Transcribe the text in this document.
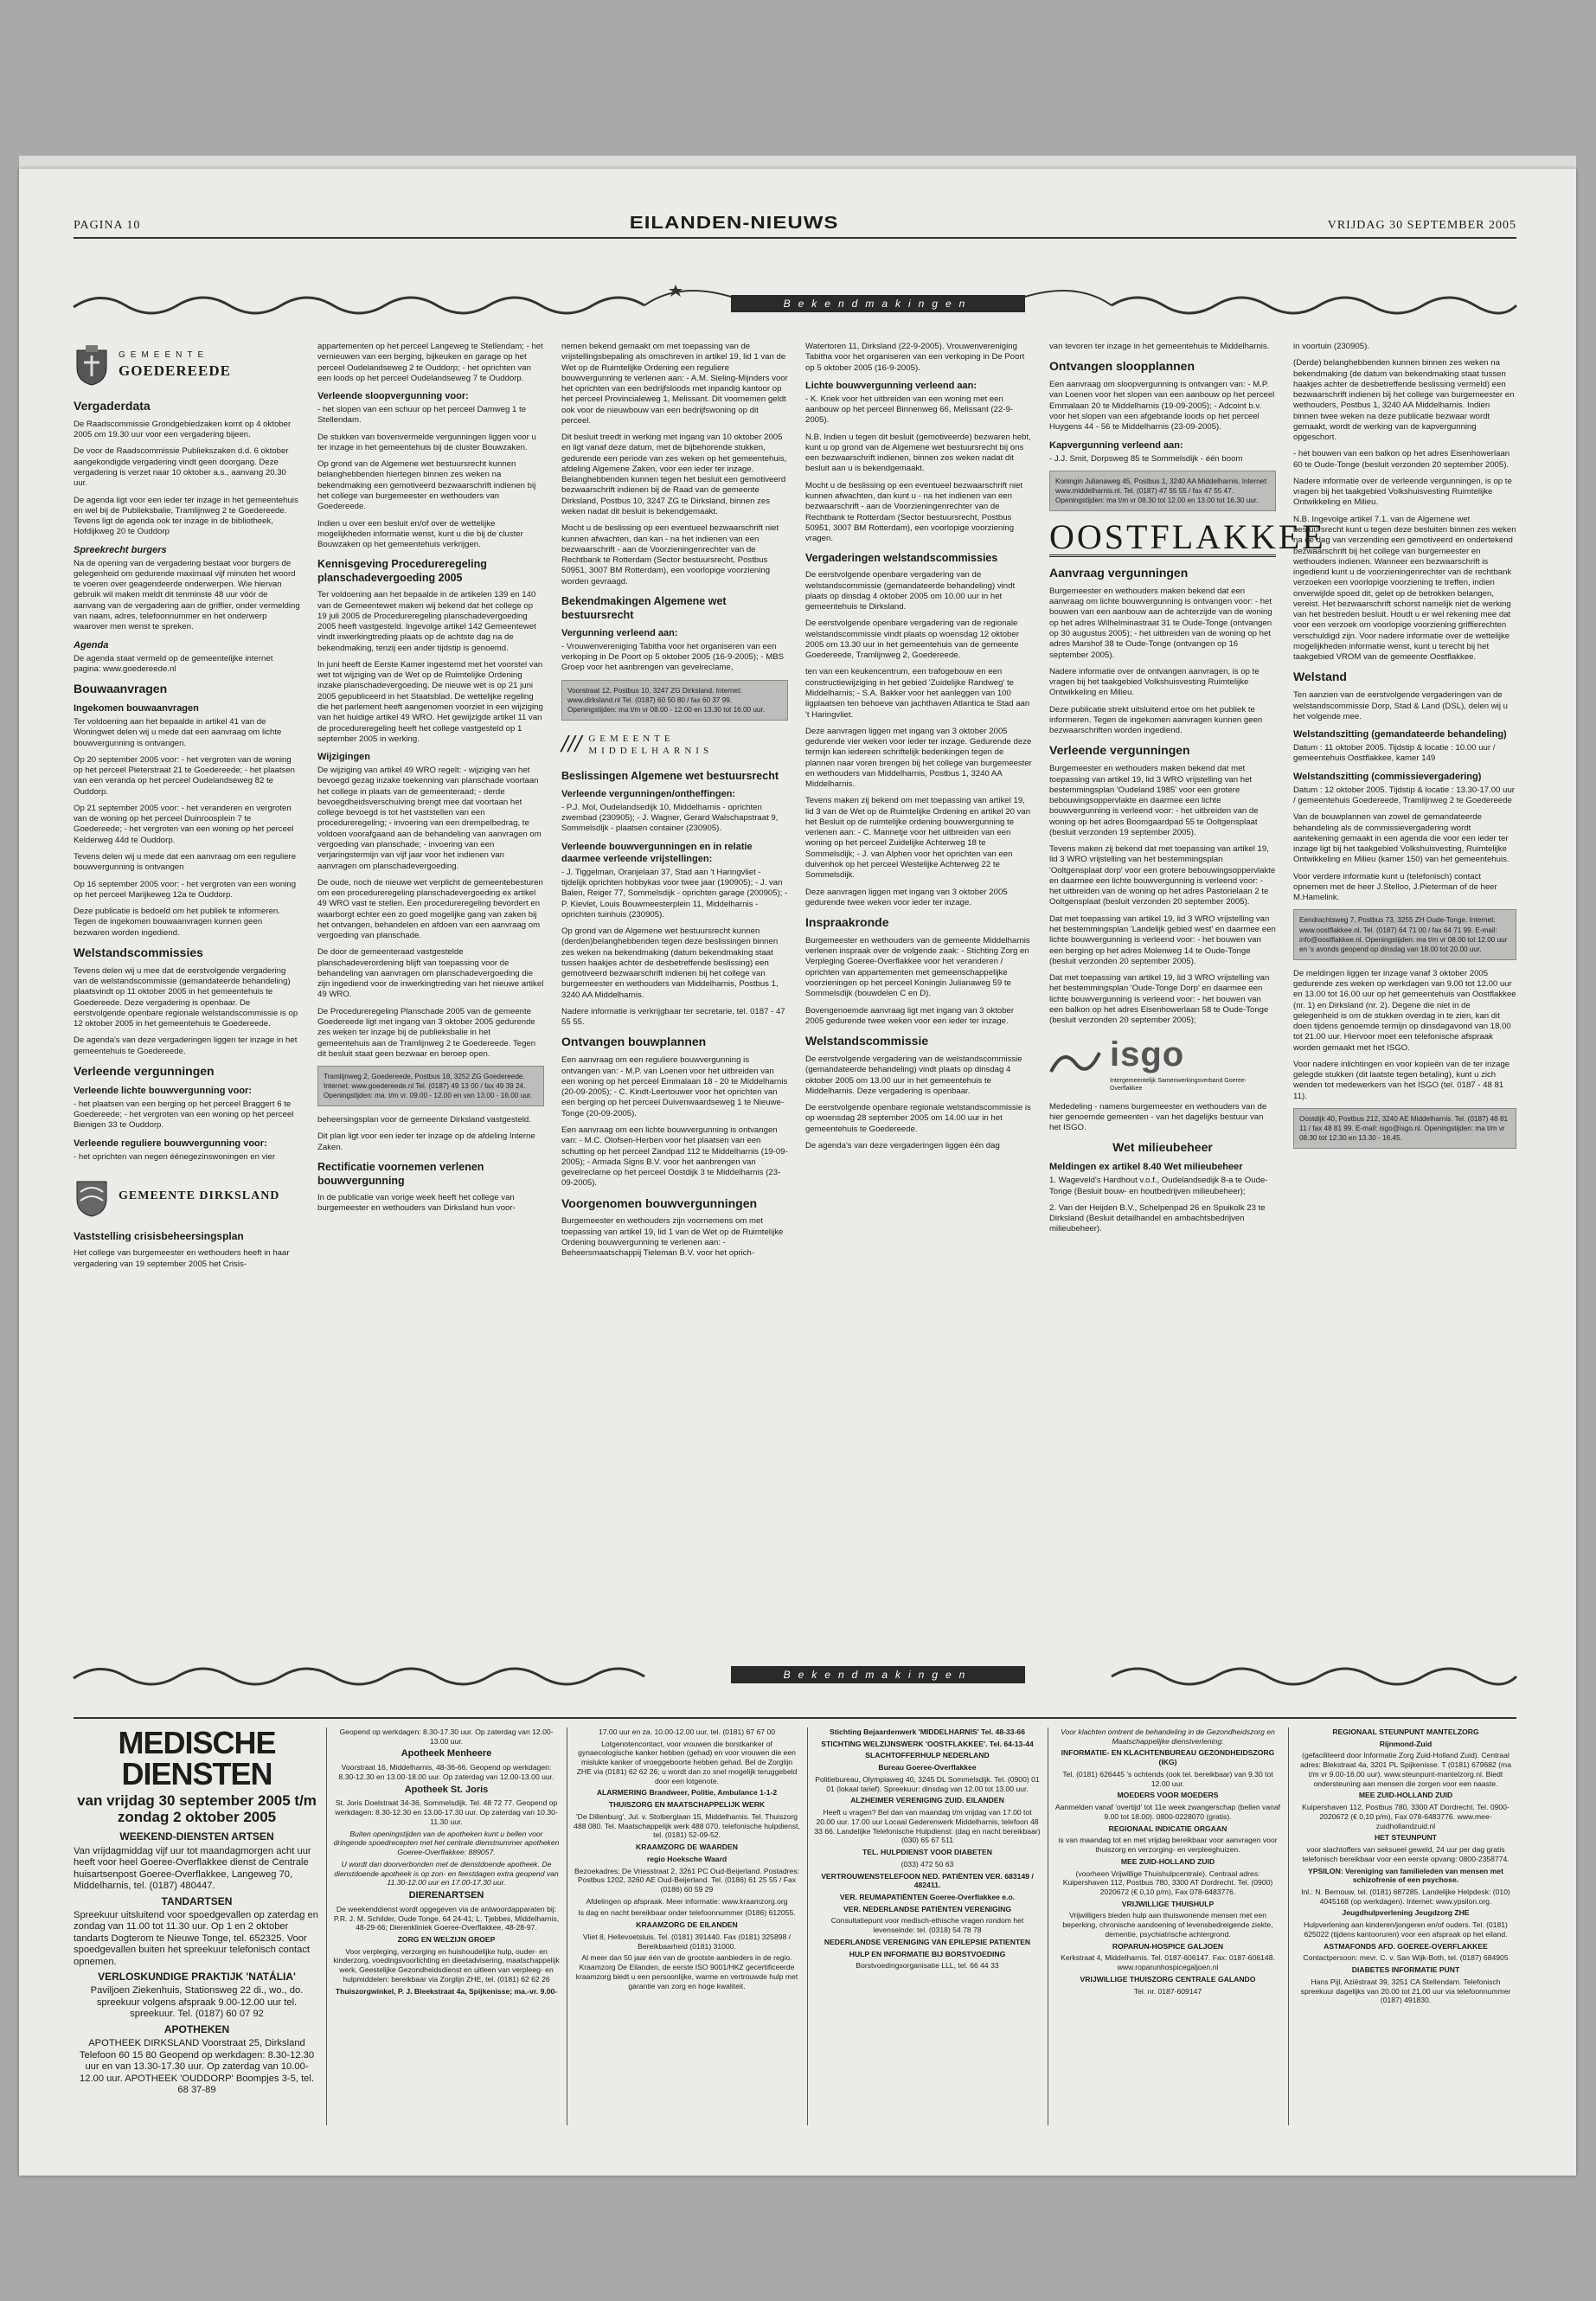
PAGINA 10	EILANDEN-NIEUWS	VRIJDAG 30 SEPTEMBER 2005
Bekendmakingen
GEMEENTE
GOEDEREEDE
Vergaderdata

De Raadscommissie Grondgebiedzaken komt op 4 oktober 2005 om 19.30 uur voor een vergadering bijeen.

De voor de Raadscommissie Publiekszaken d.d. 6 oktober aangekondigde vergadering vindt geen doorgang. Deze vergadering is verzet naar 10 oktober a.s., aanvang 20.30 uur.

De agenda ligt voor een ieder ter inzage in het gemeentehuis en wel bij de Publieksbalie, Tramlijnweg 2 te Goedereede. Tevens ligt de agenda ook ter inzage in de bibliotheek, Hofdijkweg 20 te Ouddorp

Spreekrecht burgers

Na de opening van de vergadering bestaat voor burgers de gelegenheid om gedurende maximaal vijf minuten het woord te voeren over geagendeerde onderwerpen. Wie hiervan gebruik wil maken meldt dit tenminste 48 uur vóór de aanvang van de vergadering aan de griffier, onder vermelding van naam, adres, telefoonnummer en het onderwerp waarover men wenst te spreken.

Agenda

De agenda staat vermeld op de gemeentelijke internet pagina: www.goedereede.nl

Bouwaanvragen
Ingekomen bouwaanvragen

Ter voldoening aan het bepaalde in artikel 41 van de Woningwet delen wij u mede dat een aanvraag om lichte bouwvergunning is ontvangen.

Op 20 september 2005 voor: - het vergroten van de woning op het perceel Pieterstraat 21 te Goedereede; - het plaatsen van een veranda op het perceel Oudelandseweg 82 te Ouddorp.

Op 21 september 2005 voor: - het veranderen en vergroten van de woning op het perceel Duinroosplein 7 te Goedereede; - het vergroten van een woning op het perceel Kelderweg 44d te Ouddorp.

Tevens delen wij u mede dat een aanvraag om een reguliere bouwvergunning is ontvangen

Op 16 september 2005 voor: - het vergroten van een woning op het perceel Marijkeweg 12a te Ouddorp.

Deze publicatie is bedoeld om het publiek te informeren. Tegen de ingekomen bouwaanvragen kunnen geen bezwaren worden ingediend.

Welstandscommissies

Tevens delen wij u mee dat de eerstvolgende vergadering van de welstandscommissie (gemandateerde behandeling) plaatsvindt op 11 oktober 2005 in het gemeentehuis te Goedereede. Deze vergadering is openbaar. De eerstvolgende openbare regionale welstandscommissie is op 12 oktober 2005 in het gemeentehuis te Goedereede.

De agenda's van deze vergaderingen liggen ter inzage in het gemeentehuis te Goedereede.

Verleende vergunningen
Verleende lichte bouwvergunning voor:

- het plaatsen van een berging op het perceel Braggert 6 te Goedereede; - het vergroten van een woning op het perceel Bienigen 33 te Ouddorp.

Verleende reguliere bouwvergunning voor:

- het oprichten van negen éénegezinswoningen en vier

GEMEENTE DIRKSLAND
Vaststelling crisisbeheersingsplan

Het college van burgemeester en wethouders heeft in haar vergadering van 19 september 2005 het Crisis-

appartementen op het perceel Langeweg te Stellendam; - het vernieuwen van een berging, bijkeuken en garage op het perceel Oudelandseweg 2 te Ouddorp; - het oprichten van een loods op het perceel Oudelandseweg 7 te Ouddorp.

Verleende sloopvergunning voor:

- het slopen van een schuur op het perceel Damweg 1 te Stellendam.

De stukken van bovenvermelde vergunningen liggen voor u ter inzage in het gemeentehuis bij de cluster Bouwzaken.

Op grond van de Algemene wet bestuursrecht kunnen belanghebbenden hiertegen binnen zes weken na bekendmaking een gemotiveerd bezwaarschrift indienen bij het college van burgemeester en wethouders van Goedereede.

Indien u over een besluit en/of over de wettelijke mogelijkheden informatie wenst, kunt u die bij de cluster Bouwzaken op het gemeentehuis verkrijgen.

Kennisgeving Procedureregeling planschadevergoeding 2005

Ter voldoening aan het bepaalde in de artikelen 139 en 140 van de Gemeentewet maken wij bekend dat het college op 19 juli 2005 de Procedureregeling planschadevergoeding 2005 heeft vastgesteld. Ingevolge artikel 142 Gemeentewet vindt inwerkingtreding plaats op de achtste dag na de bekendmaking, tenzij een ander tijdstip is genoemd.

In juni heeft de Eerste Kamer ingestemd met het voorstel van wet tot wijziging van de Wet op de Ruimtelijke Ordening inzake planschadevergoeding. De nieuwe wet is op 21 juni 2005 gepubliceerd in het Staatsblad. De wettelijke regeling die het parlement heeft aangenomen voorziet in een wijziging van het huidige artikel 49 WRO. Het gewijzigde artikel 11 van de procedureregeling heeft het college vastgesteld op 1 september 2005 in werking.

Wijzigingen

De wijziging van artikel 49 WRO regelt: - wijziging van het bevoegd gezag inzake toekenning van planschade voortaan het college in plaats van de gemeenteraad; - derde bevoegdheidsverschuiving brengt mee dat voortaan het college bevoegd is tot het vaststellen van een procedureregeling; - invoering van een drempelbedrag, te voldoen voorafgaand aan de behandeling van aanvragen om vergoeding van planschade; - invoering van een verjaringstermijn van vijf jaar voor het indienen van aanvragen om planschadevergoeding.

De oude, noch de nieuwe wet verplicht de gemeentebesturen om een procedureregeling planschadevergoeding ex artikel 49 WRO vast te stellen. Een procedureregeling bevordert en waarborgt echter een zo goed mogelijke gang van zaken bij het ontvangen, behandelen en afdoen van een aanvraag om vergoeding van planschade.

De door de gemeenteraad vastgestelde planschadeverordening blijft van toepassing voor de behandeling van aanvragen om planschadevergoeding die zijn ingediend voor de inwerkingtreding van het nieuwe artikel 49 WRO.

De Procedureregeling Planschade 2005 van de gemeente Goedereede ligt met ingang van 3 oktober 2005 gedurende zes weken ter inzage bij de publieksbalie in het gemeentehuis aan de Tramlijnweg 2 te Goedereede. Tegen dit besluit staat geen bezwaar en beroep open.

Tramlijnweg 2, Goedereede, Postbus 18, 3252 ZG Goedereede. Internet: www.goedereede.nl Tel. (0187) 49 13 00 / fax 49 39 24. Openingstijden: ma. t/m vr. 09.00 - 12.00 en van 13.00 - 16.00 uur.

beheersingsplan voor de gemeente Dirksland vastgesteld.

Dit plan ligt voor een ieder ter inzage op de afdeling Interne Zaken.

Rectificatie voornemen verlenen bouwvergunning

In de publicatie van vorige week heeft het college van burgemeester en wethouders van Dirksland hun voor-

nemen bekend gemaakt om met toepassing van de vrijstellingsbepaling als omschreven in artikel 19, lid 1 van de Wet op de Ruimtelijke Ordening een reguliere bouwvergunning te verlenen aan: - A.M. Sieling-Mijnders voor het oprichten van een bedrijfsloods met inpandig kantoor op het perceel Provincialeweg 1, Melissant. Dit voornemen geldt ook voor de nieuwbouw van een bedrijfswoning op dit perceel.

Dit besluit treedt in werking met ingang van 10 oktober 2005 en ligt vanaf deze datum, met de bijbehorende stukken, gedurende een periode van zes weken op het gemeentehuis, afdeling Algemene Zaken, voor een ieder ter inzage. Belanghebbenden kunnen tegen het besluit een gemotiveerd bezwaarschrift indienen bij de Raad van de gemeente Dirksland, Postbus 10, 3247 ZG te Dirksland, binnen zes weken nadat dit besluit is bekendgemaakt.

Mocht u de beslissing op een eventueel bezwaarschrift niet kunnen afwachten, dan kan - na het indienen van een bezwaarschrift - aan de Voorzieningenrechter van de Rechtbank te Rotterdam (Sector bestuursrecht, Postbus 50951, 3007 BM Rotterdam), een voorlopige voorziening worden gevraagd.

Bekendmakingen Algemene wet bestuursrecht
Vergunning verleend aan:

- Vrouwenvereniging Tabitha voor het organiseren van een verkoping in De Poort op 5 oktober 2005 (16-9-2005); - MBS Groep voor het aanbrengen van gevelreclame,

Voorstraat 12, Postbus 10, 3247 ZG Dirksland. Internet: www.dirksland.nl Tel. (0187) 60 50 80 / fax 60 37 99. Openingstijden: ma t/m vr 08.00 - 12.00 en 13.30 tot 16.00 uur.
/// GEMEENTE MIDDELHARNIS
Beslissingen Algemene wet bestuursrecht
Verleende vergunningen/ontheffingen:

- P.J. Mol, Oudelandsedijk 10, Middelharnis - oprichten zwembad (230905); - J. Wagner, Gerard Walschapstraat 9, Sommelsdijk - plaatsen container (230905).

Verleende bouwvergunningen en in relatie daarmee verleende vrijstellingen:

- J. Tiggelman, Oranjelaan 37, Stad aan 't Haringvliet - tijdelijk oprichten hobbykas voor twee jaar (190905); - J. van Balen, Reiger 77, Sommelsdijk - oprichten garage (200905); - P. Kievlet, Louis Bouwmeesterplein 11, Middelharnis - oprichten tuinhuis (230905).

Op grond van de Algemene wet bestuursrecht kunnen (derden)belanghebbenden tegen deze beslissingen binnen zes weken na bekendmaking (datum bekendmaking staat tussen haakjes achter de desbetreffende beslissing) een gemotiveerd bezwaarschrift indienen bij het college van burgemeester en wethouders van Middelharnis, Postbus 1, 3240 AA Middelharnis.

Nadere informatie is verkrijgbaar ter secretarie, tel. 0187 - 47 55 55.

Ontvangen bouwplannen

Een aanvraag om een reguliere bouwvergunning is ontvangen van: - M.P. van Loenen voor het uitbreiden van een woning op het perceel Emmalaan 18 - 20 te Middelharnis (20-09-2005); - C. Kindt-Leertouwer voor het oprichten van een berging op het perceel Duivenwaardseweg 1 te Nieuwe-Tonge (20-09-2005).

Een aanvraag om een lichte bouwvergunning is ontvangen van: - M.C. Olofsen-Herben voor het plaatsen van een schutting op het perceel Zandpad 112 te Middelharnis (19-09-2005); - Armada Signs B.V. voor het aanbrengen van gevelreclame op het perceel Oostdijk 3 te Middelharnis (23-09-2005).

Voorgenomen bouwvergunningen

Burgemeester en wethouders zijn voornemens om met toepassing van artikel 19, lid 1 van de Wet op de Ruimtelijke Ordening bouwvergunning te verlenen aan: - Beheersmaatschappij Tieleman B.V. voor het oprich-

Watertoren 11, Dirksland (22-9-2005). Vrouwenvereniging Tabitha voor het organiseren van een verkoping in De Poort op 5 oktober 2005 (16-9-2005).

Lichte bouwvergunning verleend aan:

- K. Kriek voor het uitbreiden van een woning met een aanbouw op het perceel Binnenweg 66, Melissant (22-9-2005).

N.B. Indien u tegen dit besluit (gemotiveerde) bezwaren hebt, kunt u op grond van de Algemene wet bestuursrecht bij ons een bezwaarschrift indienen, binnen zes weken nadat dit besluit aan u is bekendgemaakt.

Mocht u de beslissing op een eventueel bezwaarschrift niet kunnen afwachten, dan kunt u - na het indienen van een bezwaarschrift - aan de Voorzieningenrechter van de Rechtbank te Rotterdam (Sector bestuursrecht, Postbus 50951, 3007 BM Rotterdam), een voorlopige voorziening vragen.

Vergaderingen welstandscommissies

De eerstvolgende openbare vergadering van de welstandscommissie (gemandateerde behandeling) vindt plaats op dinsdag 4 oktober 2005 om 10.00 uur in het gemeentehuis te Dirksland.

De eerstvolgende openbare vergadering van de regionale welstandscommissie vindt plaats op woensdag 12 oktober 2005 om 13.30 uur in het gemeentehuis van de gemeente Goedereede, Tramlijnweg 2, Goedereede.

ten van een keukencentrum, een trafogebouw en een constructiewijziging in het gebied 'Zuidelijke Randweg' te Middelharnis; - S.A. Bakker voor het aanleggen van 100 ligplaatsen ten behoeve van jachthaven Atlantica te Stad aan 't Haringvliet.

Deze aanvragen liggen met ingang van 3 oktober 2005 gedurende vier weken voor ieder ter inzage. Gedurende deze termijn kan iedereen schriftelijk bedenkingen tegen de plannen naar voren brengen bij het college van burgemeester en wethouders van Middelharnis, Postbus 1, 3240 AA Middelharnis.

Tevens maken zij bekend om met toepassing van artikel 19, lid 3 van de Wet op de Ruimtelijke Ordening en artikel 20 van het Besluit op de ruimtelijke ordening bouwvergunning te verlenen aan: - C. Mannetje voor het uitbreiden van een woning op het perceel Zuidelijke Achterweg 18 te Sommelsdijk; - J. van Alphen voor het oprichten van een duivenhok op het perceel Westelijke Achterweg 22 te Sommelsdijk.

Deze aanvragen liggen met ingang van 3 oktober 2005 gedurende twee weken voor ieder ter inzage.

Inspraakronde

Burgemeester en wethouders van de gemeente Middelharnis verlenen inspraak over de volgende zaak: - Stichting Zorg en Verpleging Goeree-Overflakkee voor het veranderen / oprichten van appartementen met gemeenschappelijke voorzieningen op het perceel Koningin Julianaweg 59 te Sommelsdijk (bouwdelen C en D).

Bovengenoemde aanvraag ligt met ingang van 3 oktober 2005 gedurende twee weken voor een ieder ter inzage.

Welstandscommissie

De eerstvolgende vergadering van de welstandscommissie (gemandateerde behandeling) vindt plaats op dinsdag 4 oktober 2005 om 13.00 uur in het gemeentehuis te Middelharnis. Deze vergadering is openbaar.

De eerstvolgende openbare regionale welstandscommissie is op woensdag 28 september 2005 om 14.00 uur in het gemeentehuis te Goedereede.

De agenda's van deze vergaderingen liggen één dag

van tevoren ter inzage in het gemeentehuis te Middelharnis.

Ontvangen sloopplannen

Een aanvraag om sloopvergunning is ontvangen van: - M.P. van Loenen voor het slopen van een aanbouw op het perceel Emmalaan 20 te Middelharnis (19-09-2005); - Adcoint b.v. voor het slopen van een afgebrande loods op het perceel Huygens 44 - 56 te Middelharnis (23-09-2005).

Kapvergunning verleend aan:

- J.J. Smit, Dorpsweg 85 te Sommelsdijk - één boom

Koningin Julianaweg 45, Postbus 1, 3240 AA Middelharnis. Internet: www.middelharnis.nl. Tel. (0187) 47 55 55 / fax 47 55 47. Openingstijden: ma t/m vr 08.30 tot 12.00 en 13.00 tot 16.30 uur.
OOSTFLAKKEE
Aanvraag vergunningen

Burgemeester en wethouders maken bekend dat een aanvraag om lichte bouwvergunning is ontvangen voor: - het bouwen van een aanbouw aan de achterzijde van de woning op het adres Wilhelminastraat 31 te Oude-Tonge (ontvangen op 30 augustus 2005); - het uitbreiden van de woning op het adres Marshof 38 te Oude-Tonge (ontvangen op 16 september 2005).

Nadere informatie over de ontvangen aanvragen, is op te vragen bij het taakgebied Volkshuisvesting Ruimtelijke Ontwikkeling en Milieu.

Deze publicatie strekt uitsluitend ertoe om het publiek te informeren. Tegen de ingekomen aanvragen kunnen geen bezwaarschriften worden ingediend.

Verleende vergunningen

Burgemeester en wethouders maken bekend dat met toepassing van artikel 19, lid 3 WRO vrijstelling van het bestemmingsplan 'Oudeland 1985' voor een grotere bebouwingsoppervlakte en daarmee een lichte bouwvergunning is verleend voor: - het uitbreiden van de woning op het adres Boomgaardpad 55 te Ooltgensplaat (besluit verzonden 19 september 2005).

Tevens maken zij bekend dat met toepassing van artikel 19, lid 3 WRO vrijstelling van het bestemmingsplan 'Ooltgensplaat dorp' voor een grotere bebouwingsoppervlakte en daarmee een lichte bouwvergunning is verleend voor: - het uitbreiden van de woning op het adres Pastorielaan 2 te Ooltgensplaat (besluit verzonden 20 september 2005).

Dat met toepassing van artikel 19, lid 3 WRO vrijstelling van het bestemmingsplan 'Landelijk gebied west' en daarmee een lichte bouwvergunning is verleend voor: - het bouwen van een berging op het adres Molenweg 14 te Oude-Tonge (besluit verzonden 20 september 2005).

Dat met toepassing van artikel 19, lid 3 WRO vrijstelling van het bestemmingsplan 'Oude-Tonge Dorp' en daarmee een lichte bouwvergunning is verleend voor: - het bouwen van een balkon op het adres Eisenhowerlaan 58 te Oude-Tonge (besluit verzonden 20 september 2005);

isgo
Intergemeentelijk Samenwerkingsverband Goeree-Overflakkee

Mededeling - namens burgemeester en wethouders van de hier genoemde gemeenten - van het dagelijks bestuur van het ISGO.

Wet milieubeheer
Meldingen ex artikel 8.40 Wet milieubeheer

1. Wageveld's Hardhout v.o.f., Oudelandsedijk 8-a te Oude-Tonge (Besluit bouw- en houtbedrijven milieubeheer);

2. Van der Heijden B.V., Schelpenpad 26 en Spuikolk 23 te Dirksland (Besluit detailhandel en ambachtsbedrijven milieubeheer).

in voortuin (230905).

(Derde) belanghebbenden kunnen binnen zes weken na bekendmaking (de datum van bekendmaking staat tussen haakjes achter de desbetreffende beslissing vermeld) een bezwaarschrift indienen bij het college van burgemeester en wethouders, Postbus 1, 3240 AA Middelharnis. Indien binnen twee weken na deze publicatie bezwaar wordt gemaakt, wordt de werking van de kapvergunning opgeschort.

- het bouwen van een balkon op het adres Eisenhowerlaan 60 te Oude-Tonge (besluit verzonden 20 september 2005).

Nadere informatie over de verleende vergunningen, is op te vragen bij het taakgebied Volkshuisvesting Ruimtelijke Ontwikkeling en Milieu.

N.B. Ingevolge artikel 7.1. van de Algemene wet bestuursrecht kunt u tegen deze besluiten binnen zes weken na de dag van verzending een gemotiveerd en ondertekend bezwaarschrift bij het college van burgemeester en wethouders indienen. Wanneer een bezwaarschrift is ingediend kunt u de voorzieningenrechter van de rechtbank verzoeken een voorlopige voorziening te treffen, indien onverwijlde spoed dit, gelet op de betrokken belangen, vereist. Het bezwaarschrift schorst namelijk niet de werking van het bestreden besluit. Houdt u er wel rekening mee dat voor een verzoek om voorlopige voorziening griffierechten verschuldigd zijn. Voor nadere informatie over de wettelijke mogelijkheden informatie wenst, kunt u terecht bij het taakgebied VROM van de gemeente Oostflakkee.

Welstand

Ten aanzien van de eerstvolgende vergaderingen van de welstandscommissie Dorp, Stad & Land (DSL), delen wij u het volgende mee.

Welstandszitting (gemandateerde behandeling)

Datum : 11 oktober 2005. Tijdstip & locatie : 10.00 uur / gemeentehuis Oostflakkee, kamer 149

Welstandszitting (commissievergadering)

Datum : 12 oktober 2005. Tijdstip & locatie : 13.30-17.00 uur / gemeentehuis Goedereede, Tramlijnweg 2 te Goedereede

Van de bouwplannen van zowel de gemandateerde behandeling als de commissievergadering wordt aantekening gemaakt in een agenda die voor een ieder ter inzage ligt bij het taakgebied Volkshuisvesting, Ruimtelijke Ontwikkeling en Milieu (kamer 150) van het gemeentehuis.

Voor verdere informatie kunt u (telefonisch) contact opnemen met de heer J.Stelloo, J.Pieterman of de heer M.Hamelink.

Eendrachtsweg 7, Postbus 73, 3255 ZH Oude-Tonge. Internet: www.oostflakkee.nl. Tel. (0187) 64 71 00 / fax 64 71 99. E-mail: info@oostflakkee.nl. Openingstijden: ma t/m vr 08.00 tot 12.00 uur en 's avonds geopend op dinsdag van 18.00 tot 20.00 uur.

De meldingen liggen ter inzage vanaf 3 oktober 2005 gedurende zes weken op werkdagen van 9.00 tot 12.00 uur en 13.00 tot 16.00 uur op het gemeentehuis van Oostflakkee (nr. 1) en Dirksland (nr. 2). Degene die niet in de gelegenheid is om de stukken overdag in te zien, kan dit doen tijdens genoemde termijn op dinsdagavond van 18.00 tot 21.00 uur. Hiervoor moet een telefonische afspraak worden gemaakt met het ISGO.

Voor nadere inlichtingen en voor kopieën van de ter inzage gelegde stukken (dit laatste tegen betaling), kunt u zich wenden tot medewerkers van het ISGO (tel. 0187 - 48 81 11).

Oostdijk 40, Postbus 212, 3240 AE Middelharnis. Tel. (0187) 48 81 11 / fax 48 81 99. E-mail: isgo@isgo.nl. Openingstijden: ma t/m vr 08.30 tot 12.30 en 13.30 - 16.45.
Bekendmakingen
MEDISCHE DIENSTEN
van vrijdag 30 september 2005 t/m zondag 2 oktober 2005

WEEKEND-DIENSTEN ARTSEN

Van vrijdagmiddag vijf uur tot maandagmorgen acht uur heeft voor heel Goeree-Overflakkee dienst de Centrale huisartsenpost Goeree-Overflakkee, Langeweg 70, Middelharnis, tel. (0187) 480447.

TANDARTSEN

Spreekuur uitsluitend voor spoedgevallen op zaterdag en zondag van 11.00 tot 11.30 uur. Op 1 en 2 oktober tandarts Dogterom te Nieuwe Tonge, tel. 652325. Voor spoedgevallen buiten het spreekuur telefonisch contact opnemen.

VERLOSKUNDIGE PRAKTIJK 'NATÁLIA'

Paviljoen Ziekenhuis, Stationsweg 22 di., wo., do. spreekuur volgens afspraak 9.00-12.00 uur tel. spreekuur. Tel. (0187) 60 07 92

APOTHEKEN

APOTHEEK DIRKSLAND Voorstraat 25, Dirksland Telefoon 60 15 80 Geopend op werkdagen: 8.30-12.30 uur en van 13.30-17.30 uur. Op zaterdag van 10.00-12.00 uur. APOTHEEK 'OUDDORP' Boompjes 3-5, tel. 68 37-89

Geopend op werkdagen: 8.30-17.30 uur. Op zaterdag van 12.00-13.00 uur.

Apotheek Menheere

Voorstraat 16, Middelharnis, 48-36-66. Geopend op werkdagen: 8.30-12.30 en 13.00-18.00 uur. Op zaterdag van 12.00-13.00 uur.

Apotheek St. Joris

St. Joris Doelstraat 34-36, Sommelsdijk. Tel. 48 72 77. Geopend op werkdagen: 8.30-12.30 en 13.00-17.30 uur. Op zaterdag van 10.30-11.30 uur.

Buiten openingstijden van de apotheken kunt u bellen voor dringende spoedrecepten met het centrale dienstnummer apotheken Goeree-Overflakkee: 889057.

U wordt dan doorverbonden met de dienstdoende apotheek. De dienstdoende apotheek is op zon- en feestdagen extra geopend van 11.30-12.00 uur en 17.00-17.30 uur.

DIERENARTSEN

De weekenddienst wordt opgegeven via de antwoordapparaten bij: P.R. J. M. Schilder, Oude Tonge, 64 24-41; L. Tjebbes, Middelharnis, 48-29-66; Dierenkliniek Goeree-Overflakkee, 48-28-97.

ZORG EN WELZIJN GROEP

Voor verpleging, verzorging en huishoudelijke hulp, ouder- en kinderzorg, voedingsvoorlichting en dieetadvisering, maatschappelijk werk, Geestelijke Gezondheidsdienst en uitleen van verpleeg- en hulpmiddelen: bereikbaar via Zorglijn ZHE, tel. (0181) 62 62 26

Thuiszorgwinkel, P. J. Bleekstraat 4a, Spijkenisse; ma.-vr. 9.00-

17.00 uur en za. 10.00-12.00 uur, tel. (0181) 67 67 00

Lotgenotencontact, voor vrouwen die borstkanker of gynaecologische kanker hebben (gehad) en voor vrouwen die een mislukte kanker of vroeggeboorte hebben gehad. Bel de Zorglijn ZHE via (0181) 62 62 26; u wordt dan zo snel mogelijk teruggebeld door een lotgenote.

ALARMERING Brandweer, Politie, Ambulance 1-1-2

THUISZORG EN MAATSCHAPPELIJK WERK

'De Dillenburg', Jul. v. Stolberglaan 15, Middelharnis. Tel. Thuiszorg 488 080. Tel. Maatschappelijk werk 488 070. telefonische hulpdienst, tel. (0181) 52-09-52.

KRAAMZORG DE WAARDEN

regio Hoeksche Waard

Bezoekadres: De Vriesstraat 2, 3261 PC Oud-Beijerland. Postadres: Postbus 1202, 3260 AE Oud-Beijerland. Tel. (0186) 61 25 55 / Fax (0186) 60 59 29

Afdelingen op afspraak. Meer informatie: www.kraamzorg.org

Is dag en nacht bereikbaar onder telefoonnummer (0186) 612055.

KRAAMZORG DE EILANDEN

Vliet 8, Hellevoetsluis. Tel. (0181) 391440. Fax (0181) 325898 / Bereikbaarheid (0181) 31000.

Al meer dan 50 jaar één van de grootste aanbieders in de regio. Kraamzorg De Eilanden, de eerste ISO 9001/HKZ gecertificeerde kraamzorg biedt u een persoonlijke, warme en vertrouwde hulp met garantie van zorg en hoge kwaliteit.

Stichting Bejaardenwerk 'MIDDELHARNIS' Tel. 48-33-66

STICHTING WELZIJNSWERK 'OOSTFLAKKEE'. Tel. 64-13-44

SLACHTOFFERHULP NEDERLAND

Bureau Goeree-Overflakkee

Politiebureau, Olympiaweg 40, 3245 DL Sommelsdijk. Tel. (0900) 01 01 (lokaal tarief). Spreekuur: dinsdag van 12.00 tot 13.00 uur.

ALZHEIMER VERENIGING ZUID. EILANDEN

Heeft u vragen? Bel dan van maandag t/m vrijdag van 17.00 tot 20.00 uur. 17.00 uur Locaal Gederenwerk Middelharnis, telefoon 48 33 66. Landelijke Telefonische Hulpdienst: (dag en nacht bereikbaar) (030) 65 67 511

TEL. HULPDIENST VOOR DIABETEN

(033) 472 50 63

VERTROUWENSTELEFOON NED. PATIËNTEN VER. 683149 / 482411.

VER. REUMAPATIËNTEN Goeree-Overflakkee e.o.

VER. NEDERLANDSE PATIËNTEN VERENIGING

Consultatiepunt voor medisch-ethische vragen rondom het levenseinde: tel. (0318) 54 78 78

NEDERLANDSE VERENIGING VAN EPILEPSIE PATIENTEN

HULP EN INFORMATIE BIJ BORSTVOEDING

Borstvoedingsorganisatie LLL, tel. 66 44 33

Voor klachten omtrent de behandeling in de Gezondheidszorg en Maatschappelijke dienstverlening:

INFORMATIE- EN KLACHTENBUREAU GEZONDHEIDSZORG (IKG)

Tel. (0181) 626445 's ochtends (ook tel. bereikbaar) van 9.30 tot 12.00 uur.

MOEDERS VOOR MOEDERS

Aanmelden vanaf 'overtijd' tot 11e week zwangerschap (bellen vanaf 9.00 tot 18.00). 0800-0228070 (gratis).

REGIONAAL INDICATIE ORGAAN

is van maandag tot en met vrijdag bereikbaar voor aanvragen voor thuiszorg en verzorging- en verpleeghuizen.

MEE ZUID-HOLLAND ZUID

(voorheen Vrijwillige Thuishulpcentrale). Centraal adres: Kuipershaven 112, Postbus 780, 3300 AT Dordrecht. Tel. (0900) 2020672 (€ 0,10 p/m), Fax 078-6483776.

VRIJWILLIGE THUISHULP

Vrijwilligers bieden hulp aan thuiswonende mensen met een beperking, chronische aandoening of levensbedreigende ziekte, dementie, psychiatrische achtergrond.

ROPARUN-HOSPICE GALJOEN

Kerkstraat 4, Middelharnis. Tel. 0187-606147. Fax: 0187-606148. www.roparunhospicegaljoen.nl

VRIJWILLIGE THUISZORG CENTRALE GALANDO

Tel. nr. 0187-609147

REGIONAAL STEUNPUNT MANTELZORG

Rijnmond-Zuid

(gefaciliteerd door Informatie Zorg Zuid-Holland Zuid). Centraal adres: Blekstraat 4a, 3201 PL Spijkenisse. T (0181) 679682 (ma t/m vr 9.00-16.00 uur). www.steunpunt-mantelzorg.nl. Biedt ondersteuning aan mensen die zorgen voor een naaste.

MEE ZUID-HOLLAND ZUID

Kuipershaven 112, Postbus 780, 3300 AT Dordrecht. Tel. 0900-2020672 (€ 0,10 p/m), Fax 078-6483776. www.mee-zuidhollandzuid.nl

HET STEUNPUNT

voor slachtoffers van seksueel geweld, 24 uur per dag gratis telefonisch bereikbaar voor een eerste opvang: 0800-2358774.

YPSILON: Vereniging van familieleden van mensen met schizofrenie of een psychose.

Inl.: N. Bernouw, tel. (0181) 687285. Landelijke Helpdesk: (010) 4045168 (op werkdagen). Internet: www.ypsilon.org.

Jeugdhulpverlening Jeugdzorg ZHE

Hulpverlening aan kinderen/jongeren en/of ouders. Tel. (0181) 625022 (tijdens kantooruren) voor een afspraak op het eiland.

ASTMAFONDS AFD. GOEREE-OVERFLAKKEE

Contactpersoon: mevr. C. v. San Wijk-Both, tel. (0187) 684905

DIABETES INFORMATIE PUNT

Hans Pijl, Aziëstraat 39, 3251 CA Stellendam. Telefonisch spreekuur dagelijks van 20.00 tot 21.00 uur via telefoonnummer (0187) 491830.
